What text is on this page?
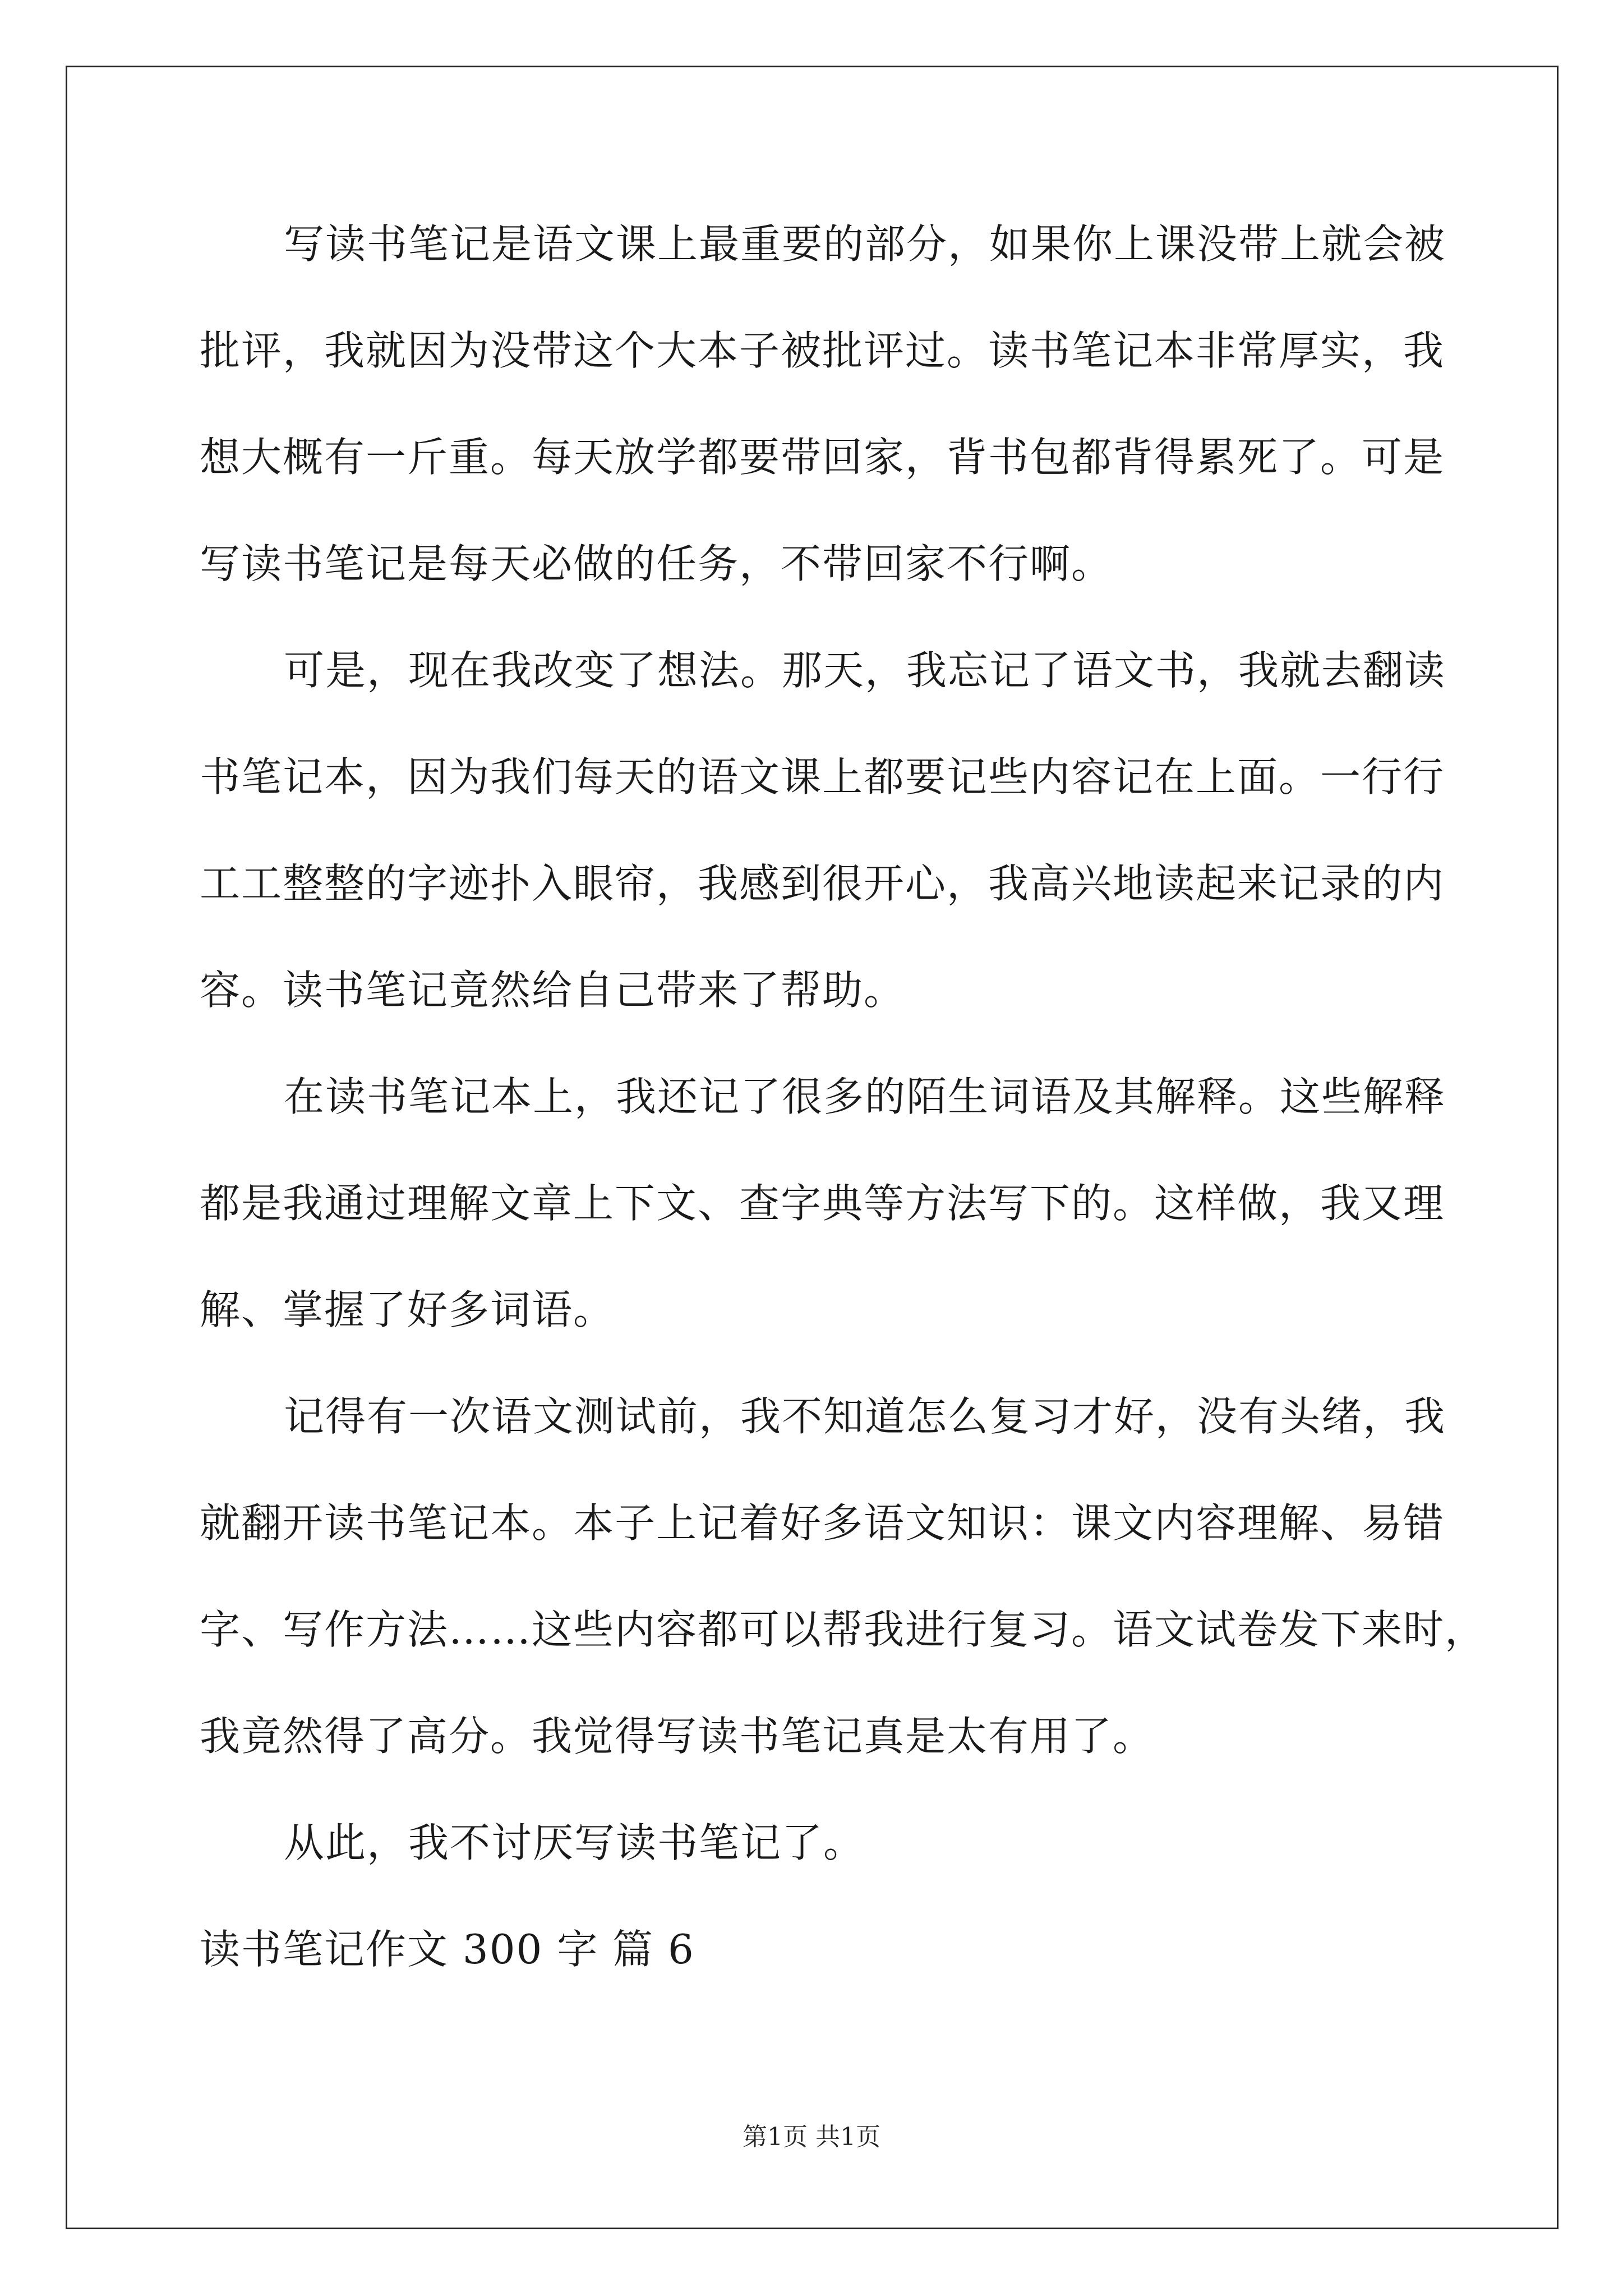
写读书笔记是语文课上最重要的部分，如果你上课没带上就会被
批评，我就因为没带这个大本子被批评过。读书笔记本非常厚实，我
想大概有一斤重。每天放学都要带回家，背书包都背得累死了。可是
写读书笔记是每天必做的任务，不带回家不行啊。
可是，现在我改变了想法。那天，我忘记了语文书，我就去翻读
书笔记本，因为我们每天的语文课上都要记些内容记在上面。一行行
工工整整的字迹扑入眼帘，我感到很开心，我高兴地读起来记录的内
容。读书笔记竟然给自己带来了帮助。
在读书笔记本上，我还记了很多的陌生词语及其解释。这些解释
都是我通过理解文章上下文、查字典等方法写下的。这样做，我又理
解、掌握了好多词语。
记得有一次语文测试前，我不知道怎么复习才好，没有头绪，我
就翻开读书笔记本。本子上记着好多语文知识：课文内容理解、易错
字、写作方法……这些内容都可以帮我进行复习。语文试卷发下来时，
我竟然得了高分。我觉得写读书笔记真是太有用了。
从此，我不讨厌写读书笔记了。
读书笔记作文 300 字 篇 6
第1页 共1页
